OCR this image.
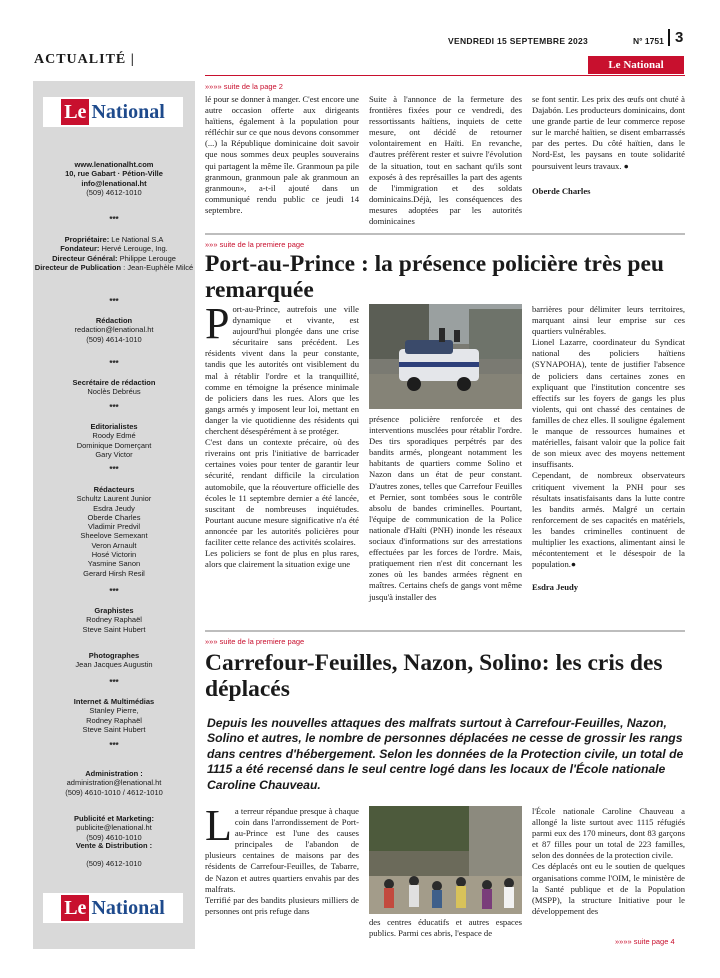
VENDREDI 15 SEPTEMBRE 2023	N° 1751 3
ACTUALITÉ |	Le National
Le National
www.lenationalht.com
10, rue Gabart · Pétion-Ville
info@lenational.ht
(509) 4612-1010
***
Propriétaire: Le National S.A
Fondateur: Hervé Lerouge, Ing.
Directeur Général: Philippe Lerouge
Directeur de Publication : Jean-Euphèle Milcé
***
Rédaction
redaction@lenational.ht
(509) 4614-1010
***
Secrétaire de rédaction
Noclès Debréus
***
Editorialistes
Roody Edmé
Dominique Domerçant
Gary Victor
***
Rédacteurs
Schultz Laurent Junior
Esdra Jeudy
Oberde Charles
Vladimir Predvil
Sheelove Semexant
Veron Arnault
Hosé Victorin
Yasmine Sanon
Gerard Hirsh Resil
***
Graphistes
Rodney Raphaël
Steve Saint Hubert
Photographes
Jean Jacques Augustin
***
Internet & Multimédias
Stanley Pierre,
Rodney Raphaël
Steve Saint Hubert
***
Administration :
administration@lenational.ht
(509) 4610-1010 / 4612-1010
Publicité et Marketing:
publicite@lenational.ht
(509) 4610-1010
Vente & Distribution :
(509) 4612-1010
Le National
»»»» suite de la page 2

lé pour se donner à manger. C'est encore une autre occasion offerte aux dirigeants haïtiens, également à la population pour réfléchir sur ce que nous devons consommer (...) la République dominicaine doit savoir que nous sommes deux peuples souverains qui partagent la même île. Granmoun pa pile granmoun, granmoun pale ak granmoun an granmoun», a-t-il ajouté dans un communiqué rendu public ce jeudi 14 septembre.

Suite à l'annonce de la fermeture des frontières fixées pour ce vendredi, des ressortissants haïtiens, inquiets de cette mesure, ont décidé de retourner volontairement en Haïti. En revanche, d'autres préfèrent rester et suivre l'évolution de la situation, tout en sachant qu'ils sont exposés à des représailles la part des agents de l'immigration et des soldats dominicains.Déjà, les conséquences des mesures adoptées par les autorités dominicaines

se font sentir. Les prix des œufs ont chuté à Dajabón. Les producteurs dominicains, dont une grande partie de leur commerce repose sur le marché haïtien, se disent embarrassés par des pertes. Du côté haïtien, dans le Nord-Est, les paysans en toute solidarité poursuivent leurs travaux. ●

Oberde Charles

»»» suite de la premiere page
Port-au-Prince : la présence policière très peu remarquée
P ort-au-Prince, autrefois une ville dynamique et vivante, est aujourd'hui plongée dans une crise sécuritaire sans précédent. Les résidents vivent dans la peur constante, tandis que les autorités ont visiblement du mal à rétablir l'ordre et la tranquillité, comme en témoigne la présence minimale de policiers dans les rues. Alors que les gangs armés y imposent leur loi, mettant en danger la vie quotidienne des résidents qui cherchent désespérément à se protéger.

C'est dans un contexte précaire, où des riverains ont pris l'initiative de barricader certaines voies pour tenter de garantir leur sécurité, rendant difficile la circulation automobile, que la réouverture officielle des écoles le 11 septembre dernier a été lancée, suscitant de nombreuses inquiétudes. Pourtant aucune mesure significative n'a été annoncée par les autorités policières pour faciliter cette relance des activités scolaires.

Les policiers se font de plus en plus rares, alors que clairement la situation exige une

présence policière renforcée et des interventions musclées pour rétablir l'ordre. Des tirs sporadiques perpétrés par des bandits armés, plongeant notamment les habitants de quartiers comme Solino et Nazon dans un état de peur constant. D'autres zones, telles que Carrefour Feuilles et Pernier, sont tombées sous le contrôle absolu de bandes criminelles. Pourtant, l'équipe de communication de la Police nationale d'Haïti (PNH) inonde les réseaux sociaux d'informations sur des arrestations effectuées par les forces de l'ordre. Mais, pratiquement rien n'est dit concernant les zones où les bandes armées règnent en maîtres. Certains chefs de gangs vont même jusqu'à installer des

barrières pour délimiter leurs territoires, marquant ainsi leur emprise sur ces quartiers vulnérables.

Lionel Lazarre, coordinateur du Syndicat national des policiers haïtiens (SYNAPOHA), tente de justifier l'absence de policiers dans certaines zones en expliquant que l'institution concentre ses effectifs sur les foyers de gangs les plus violents, qui ont chassé des centaines de familles de chez elles. Il souligne également le manque de ressources humaines et matérielles, faisant valoir que la police fait de son mieux avec des moyens nettement insuffisants.

Cependant, de nombreux observateurs critiquent vivement la PNH pour ses résultats insatisfaisants dans la lutte contre les bandits armés. Malgré un certain renforcement de ses capacités en matériels, les bandes criminelles continuent de multiplier les exactions, alimentant ainsi le mécontentement et le désespoir de la population.●

Esdra Jeudy

»»» suite de la premiere page
Carrefour-Feuilles, Nazon, Solino: les cris des déplacés
Depuis les nouvelles attaques des malfrats surtout à Carrefour-Feuilles, Nazon, Solino et autres, le nombre de personnes déplacées ne cesse de grossir les rangs dans centres d'hébergement. Selon les données de la Protection civile, un total de 1115 a été recensé dans le seul centre logé dans les locaux de l'École nationale Caroline Chauveau.
L a terreur répandue presque à chaque coin dans l'arrondissement de Port-au-Prince est l'une des causes principales de l'abandon de plusieurs centaines de maisons par des résidents de Carrefour-Feuilles, de Tabarre, de Nazon et autres quartiers envahis par des malfrats.

Terrifié par des bandits plusieurs milliers de personnes ont pris refuge dans

des centres éducatifs et autres espaces publics. Parmi ces abris, l'espace de

l'École nationale Caroline Chauveau a allongé la liste surtout avec 1115 réfugiés parmi eux des 170 mineurs, dont 83 garçons et 87 filles pour un total de 223 familles, selon des données de la protection civile.

Ces déplacés ont eu le soutien de quelques organisations comme l'OIM, le ministère de la Santé publique et de la Population (MSPP), la structure Initiative pour le développement des

»»»» suite page 4
